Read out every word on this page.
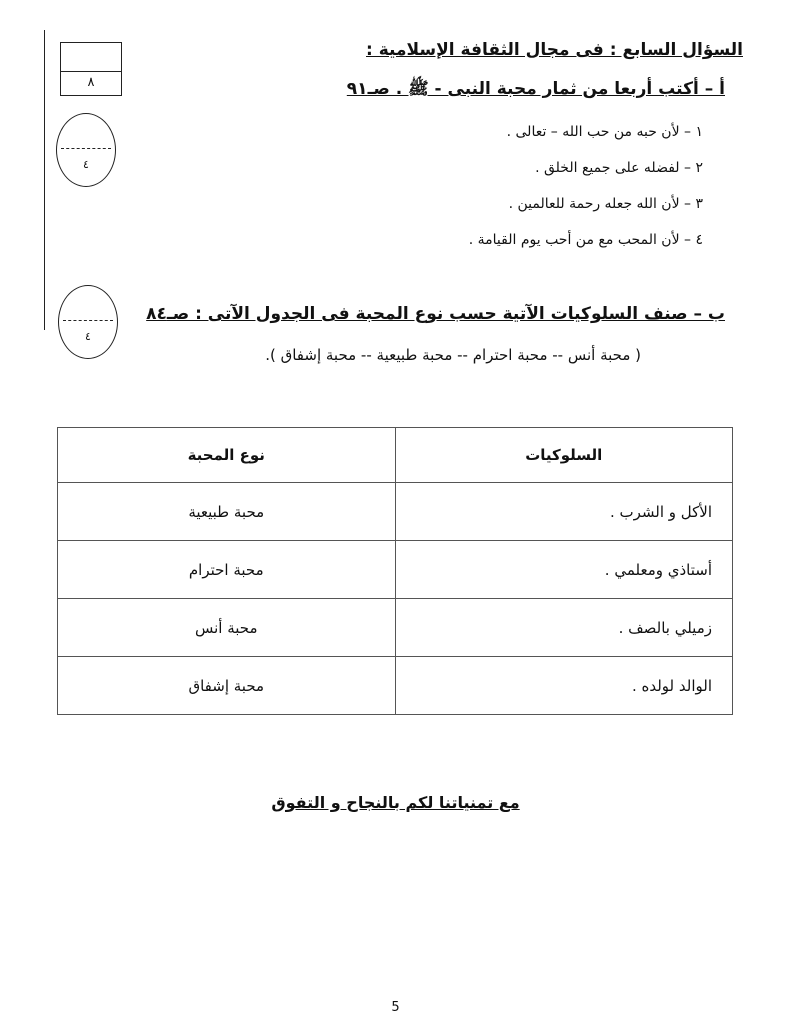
٨
السؤال السابع : فى مجال الثقافة الإسلامية :
أ – أكتب أربعا من ثمار محبة النبى - ﷺ . صـ٩١
٤
١ – لأن حبه من حب الله – تعالى .
٢ – لفضله على جميع الخلق .
٣ – لأن الله جعله رحمة للعالمين .
٤ – لأن المحب مع من أحب يوم القيامة .
٤
ب – صنف السلوكيات الآتية حسب نوع المحبة فى الجدول الآتى : صـ٨٤
( محبة أنس -- محبة احترام -- محبة طبيعية -- محبة إشفاق ).
السلوكيات	نوع المحبة
الأكل و الشرب .	محبة طبيعية
أستاذي ومعلمي .	محبة احترام
زميلي بالصف .	محبة أنس
الوالد لولده .	محبة إشفاق
مع تمنياتنا لكم بالنجاح و التفوق
5
